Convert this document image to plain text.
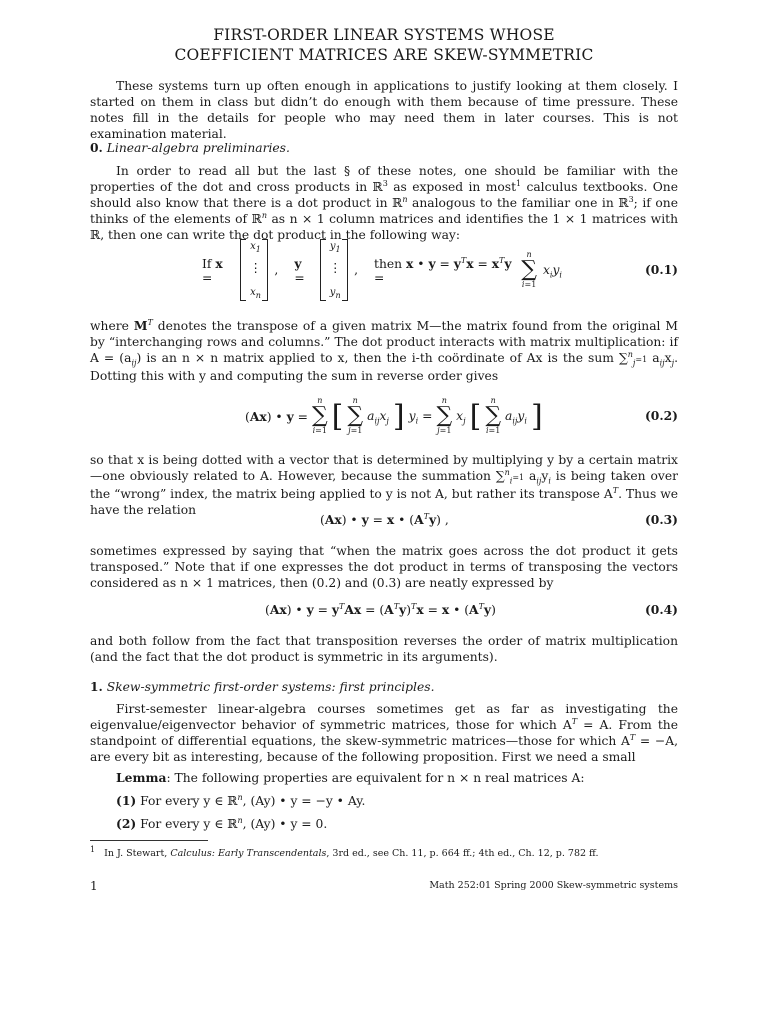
FIRST-ORDER LINEAR SYSTEMS WHOSE
COEFFICIENT MATRICES ARE SKEW-SYMMETRIC
These systems turn up often enough in applications to justify looking at them closely. I started on them in class but didn’t do enough with them because of time pressure. These notes fill in the details for people who may need them in later courses. This is not examination material.
0. Linear-algebra preliminaries.
In order to read all but the last § of these notes, one should be familiar with the properties of the dot and cross products in ℝ$^3$ as exposed in most$^1$ calculus textbooks. One should also know that there is a dot product in ℝ$^n$ analogous to the familiar one in ℝ$^3$; if one thinks of the elements of ℝ$^n$ as n × 1 column matrices and identifies the 1 × 1 matrices with ℝ, then one can write the dot product in the following way:
If x =
$x_1$
⋮
$x_n$
, y =
$y_1$
⋮
$y_n$
, then x • $y = y^Tx = x^Ty$ =
n
∑
i=1
$x_iy_i$	(0.1)
where $M^T$ denotes the transpose of a given matrix M—the matrix found from the original M by “interchanging rows and columns.” The dot product interacts with matrix multiplication: if $A = (a_{ij})$ is an n × n matrix applied to x, then the i-th coördinate of Ax is the sum ∑$^n_j$=1 $a_{ij}x_j$. Dotting this with y and computing the sum in reverse order gives
(Ax) • y =
n
∑
i=1 [	n
∑
j=1
$a_{ij}x_j$ ] $y_i$ =
n
∑
j=1
$x_j$ [	n
∑
i=1
$a_{ij}y_i$ ]	(0.2)
so that x is being dotted with a vector that is determined by multiplying y by a certain matrix—one obviously related to A. However, because the summation ∑$^n_i$=1 $a_{ij}y_i$ is being taken over the “wrong” index, the matrix being applied to y is not A, but rather its transpose $A^T$. Thus we have the relation
(Ax) • y = x • $(A^Ty)$ ,	(0.3)
sometimes expressed by saying that “when the matrix goes across the dot product it gets transposed.” Note that if one expresses the dot product in terms of transposing the vectors considered as n × 1 matrices, then (0.2) and (0.3) are neatly expressed by
(Ax) • $y = y^TAx = (A^Ty)^Tx = x$ • $(A^Ty)$	(0.4)
and both follow from the fact that transposition reverses the order of matrix multiplication (and the fact that the dot product is symmetric in its arguments).
1. Skew-symmetric first-order systems: first principles.
First-semester linear-algebra courses sometimes get as far as investigating the eigenvalue/eigenvector behavior of symmetric matrices, those for which $A^T = A$. From the standpoint of differential equations, the skew-symmetric matrices—those for which $A^T = -A$, are every bit as interesting, because of the following proposition. First we need a small
Lemma: The following properties are equivalent for n × n real matrices A:
(1) For every y ∈ ℝ$^n$, (Ay) • y = −y • Ay.
(2) For every y ∈ ℝ$^n$, (Ay) • y = 0.
$^1$ In J. Stewart, Calculus: Early Transcendentals, 3rd ed., see Ch. 11, p. 664 ff.; 4th ed., Ch. 12, p. 782 ff.
1	Math 252:01 Spring 2000 Skew-symmetric systems
